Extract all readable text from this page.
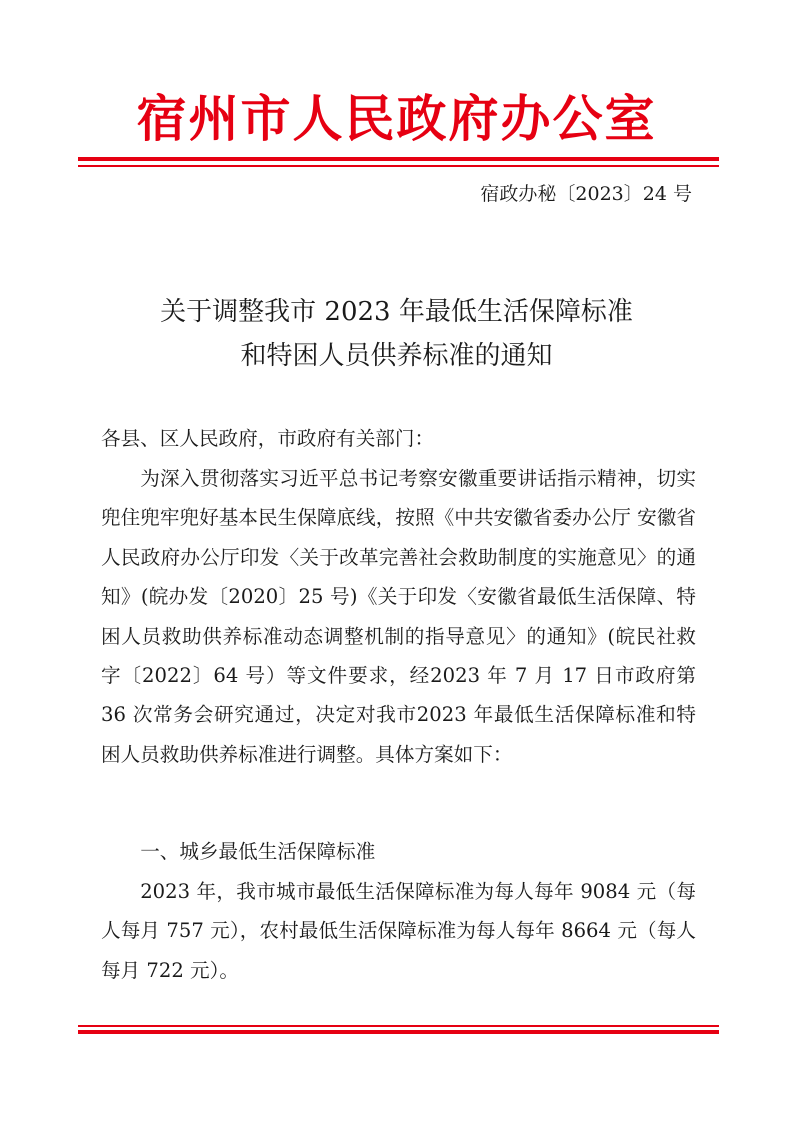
宿州市人民政府办公室
宿政办秘〔2023〕24 号
关于调整我市 2023 年最低生活保障标准
和特困人员供养标准的通知
各县、区人民政府，市政府有关部门：
为深入贯彻落实习近平总书记考察安徽重要讲话指示精神，切实兜住兜牢兜好基本民生保障底线，按照《中共安徽省委办公厅 安徽省人民政府办公厅印发〈关于改革完善社会救助制度的实施意见〉的通知》(皖办发〔2020〕25 号)《关于印发〈安徽省最低生活保障、特困人员救助供养标准动态调整机制的指导意见〉的通知》(皖民社救字〔2022〕64 号）等文件要求，经2023 年 7 月 17 日市政府第 36 次常务会研究通过，决定对我市2023 年最低生活保障标准和特困人员救助供养标准进行调整。具体方案如下：
一、城乡最低生活保障标准
2023 年，我市城市最低生活保障标准为每人每年 9084 元（每人每月 757 元），农村最低生活保障标准为每人每年 8664 元（每人每月 722 元）。
